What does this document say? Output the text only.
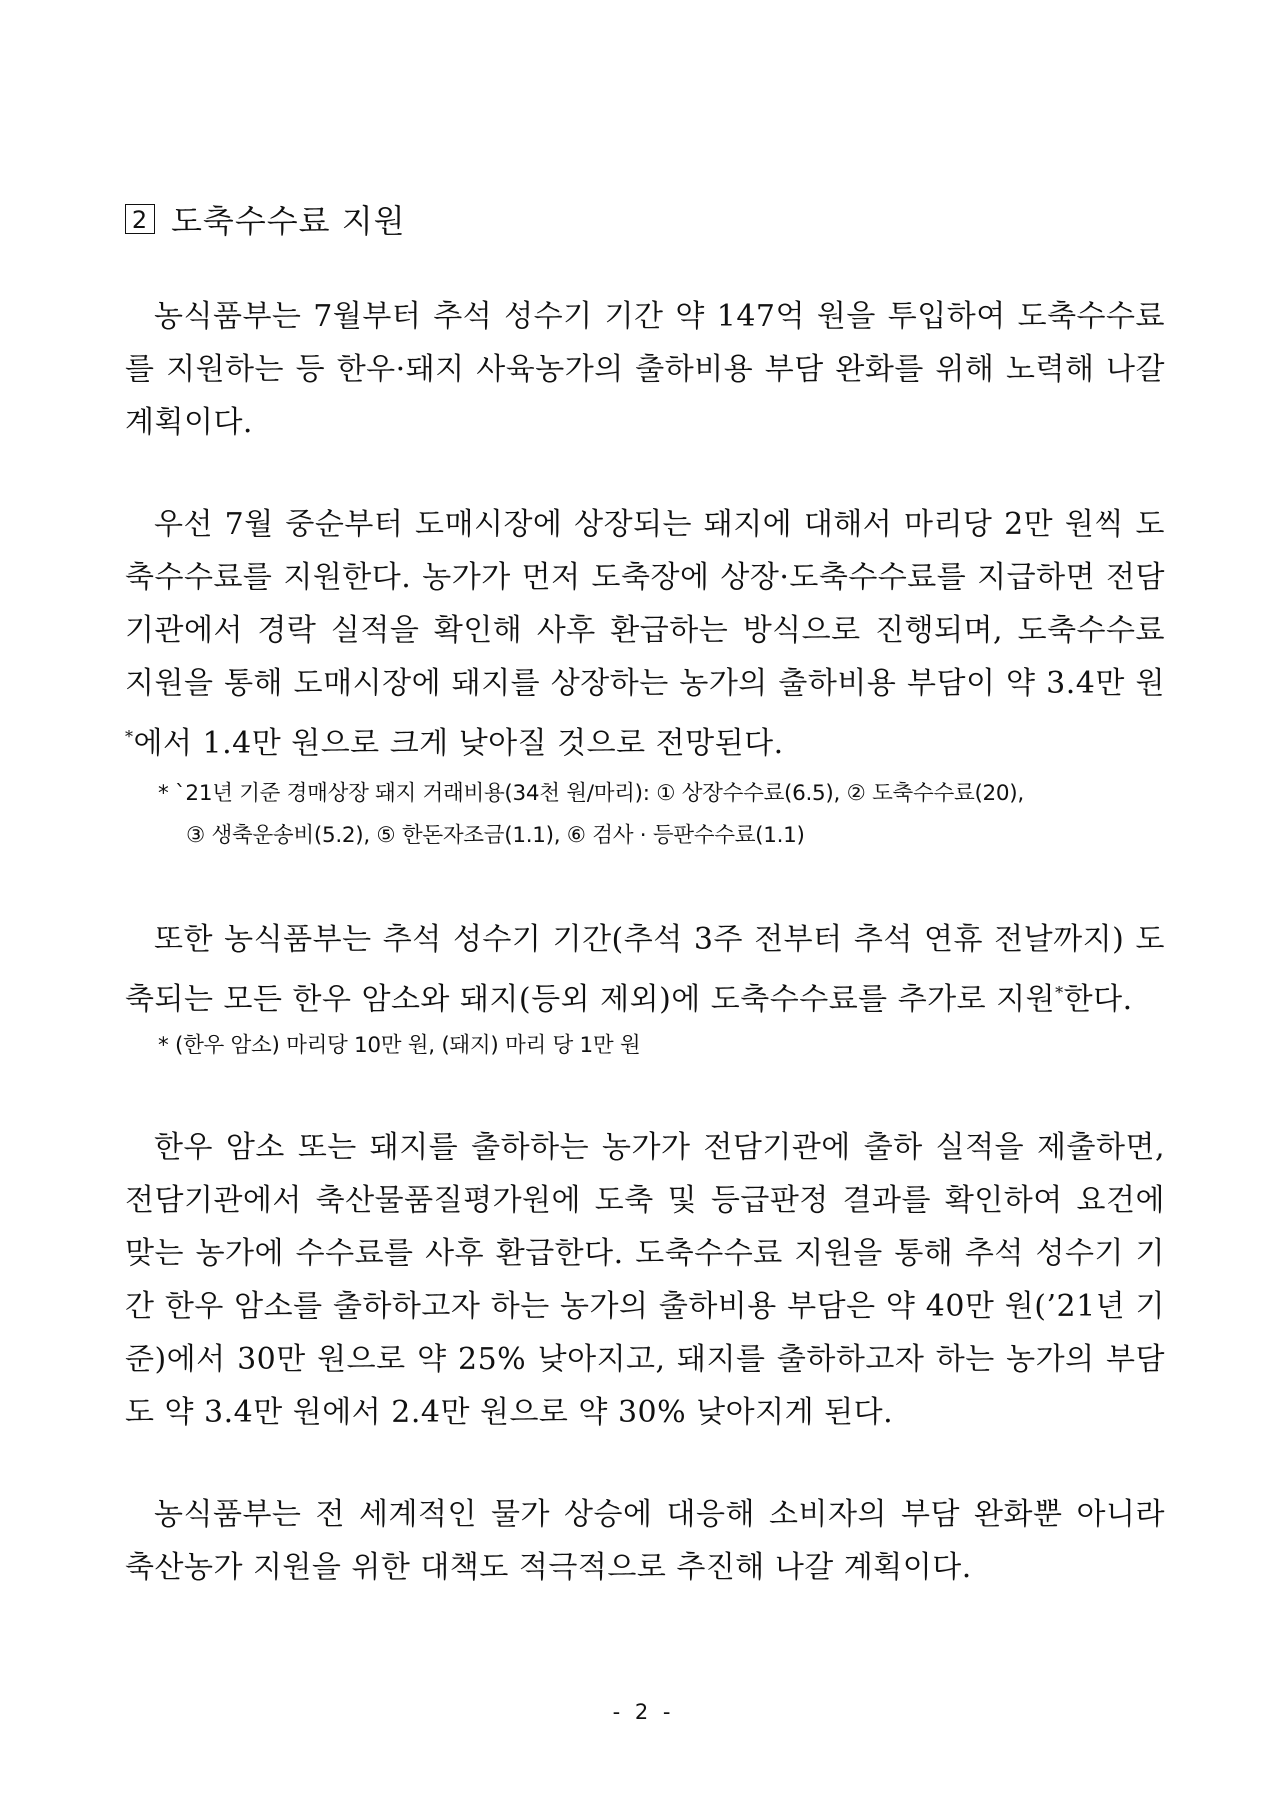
2 도축수수료 지원

농식품부는 7월부터 추석 성수기 기간 약 147억 원을 투입하여 도축수수료를 지원하는 등 한우·돼지 사육농가의 출하비용 부담 완화를 위해 노력해 나갈 계획이다.

우선 7월 중순부터 도매시장에 상장되는 돼지에 대해서 마리당 2만 원씩 도축수수료를 지원한다. 농가가 먼저 도축장에 상장·도축수수료를 지급하면 전담기관에서 경락 실적을 확인해 사후 환급하는 방식으로 진행되며, 도축수수료 지원을 통해 도매시장에 돼지를 상장하는 농가의 출하비용 부담이 약 3.4만 원*에서 1.4만 원으로 크게 낮아질 것으로 전망된다.

* `21년 기준 경매상장 돼지 거래비용(34천 원/마리): ① 상장수수료(6.5), ② 도축수수료(20),
③ 생축운송비(5.2), ⑤ 한돈자조금(1.1), ⑥ 검사 · 등판수수료(1.1)

또한 농식품부는 추석 성수기 기간(추석 3주 전부터 추석 연휴 전날까지) 도축되는 모든 한우 암소와 돼지(등외 제외)에 도축수수료를 추가로 지원*한다.

* (한우 암소) 마리당 10만 원, (돼지) 마리 당 1만 원

한우 암소 또는 돼지를 출하하는 농가가 전담기관에 출하 실적을 제출하면, 전담기관에서 축산물품질평가원에 도축 및 등급판정 결과를 확인하여 요건에 맞는 농가에 수수료를 사후 환급한다. 도축수수료 지원을 통해 추석 성수기 기간 한우 암소를 출하하고자 하는 농가의 출하비용 부담은 약 40만 원(’21년 기준)에서 30만 원으로 약 25% 낮아지고, 돼지를 출하하고자 하는 농가의 부담도 약 3.4만 원에서 2.4만 원으로 약 30% 낮아지게 된다.

농식품부는 전 세계적인 물가 상승에 대응해 소비자의 부담 완화뿐 아니라 축산농가 지원을 위한 대책도 적극적으로 추진해 나갈 계획이다.

- 2 -
